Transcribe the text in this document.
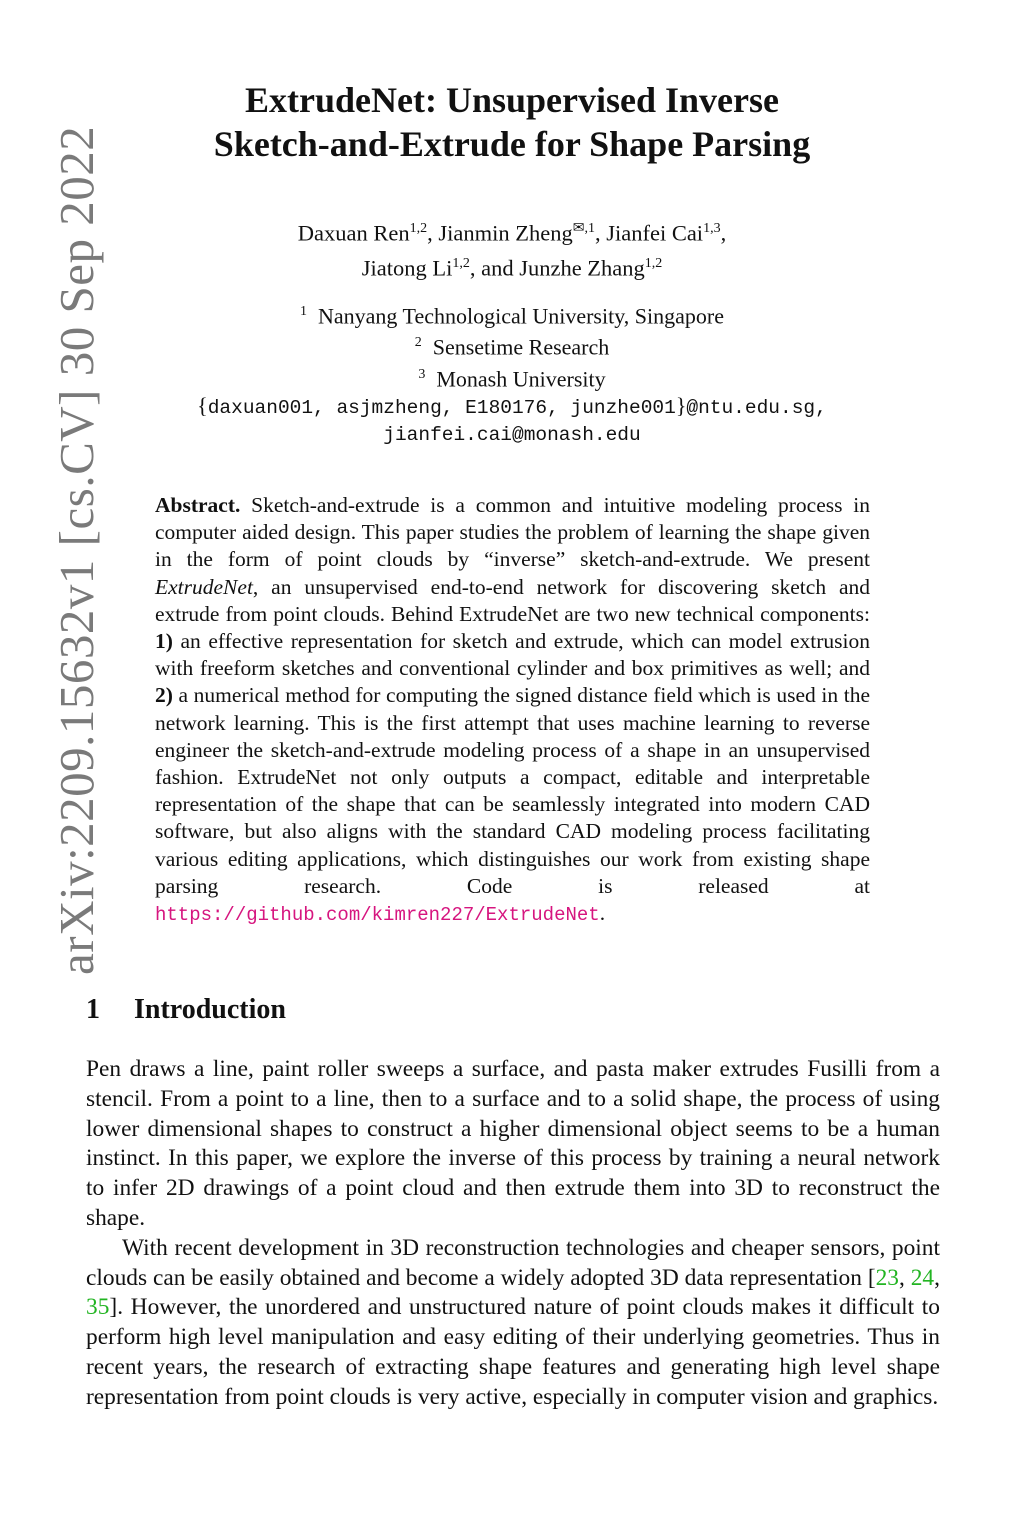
arXiv:2209.15632v1 [cs.CV] 30 Sep 2022
ExtrudeNet: Unsupervised Inverse
Sketch-and-Extrude for Shape Parsing
Daxuan Ren$^{1,2}$, Jianmin Zheng$^{✉,1}$, Jianfei Cai$^{1,3}$,
Jiatong Li$^{1,2}$, and Junzhe Zhang$^{1,2}$
$^1$ Nanyang Technological University, Singapore
$^2$ Sensetime Research
$^3$ Monash University
{daxuan001, asjmzheng, E180176, junzhe001}@ntu.edu.sg,
jianfei.cai@monash.edu
Abstract. Sketch-and-extrude is a common and intuitive modeling process in computer aided design. This paper studies the problem of learning the shape given in the form of point clouds by “inverse” sketch-and-extrude. We present ExtrudeNet, an unsupervised end-to-end network for discovering sketch and extrude from point clouds. Behind ExtrudeNet are two new technical components: 1) an effective representation for sketch and extrude, which can model extrusion with freeform sketches and conventional cylinder and box primitives as well; and 2) a numerical method for computing the signed distance field which is used in the network learning. This is the first attempt that uses machine learning to reverse engineer the sketch-and-extrude modeling process of a shape in an unsupervised fashion. ExtrudeNet not only outputs a compact, editable and interpretable representation of the shape that can be seamlessly integrated into modern CAD software, but also aligns with the standard CAD modeling process facilitating various editing applications, which distinguishes our work from existing shape parsing research. Code is released at https://github.com/kimren227/ExtrudeNet.
1 Introduction

Pen draws a line, paint roller sweeps a surface, and pasta maker extrudes Fusilli from a stencil. From a point to a line, then to a surface and to a solid shape, the process of using lower dimensional shapes to construct a higher dimensional object seems to be a human instinct. In this paper, we explore the inverse of this process by training a neural network to infer 2D drawings of a point cloud and then extrude them into 3D to reconstruct the shape.

With recent development in 3D reconstruction technologies and cheaper sensors, point clouds can be easily obtained and become a widely adopted 3D data representation [23, 24, 35]. However, the unordered and unstructured nature of point clouds makes it difficult to perform high level manipulation and easy editing of their underlying geometries. Thus in recent years, the research of extracting shape features and generating high level shape representation from point clouds is very active, especially in computer vision and graphics.
